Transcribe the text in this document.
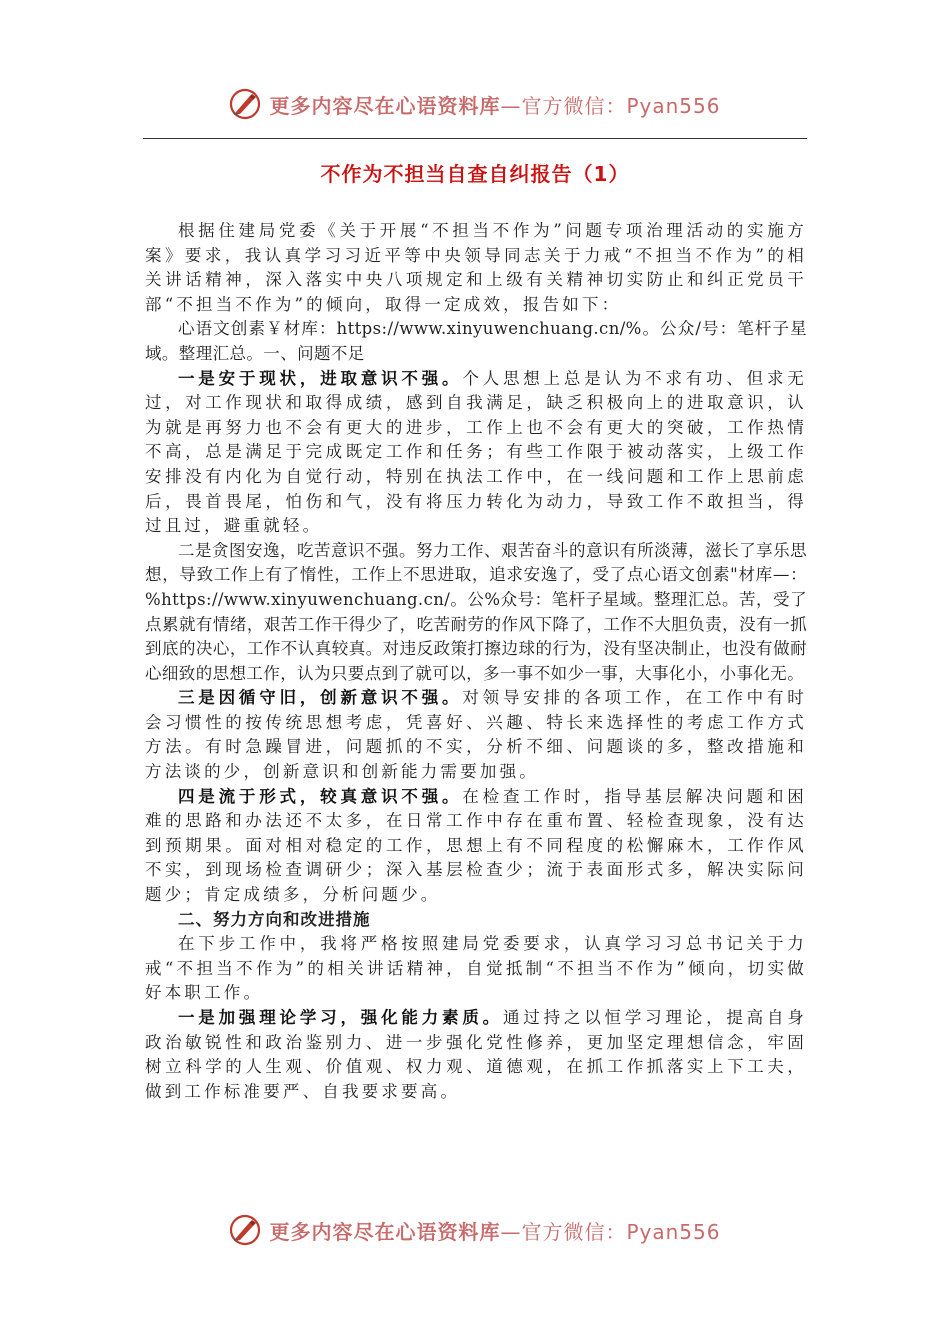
更多内容尽在心语资料库—官方微信：Pyan556
不作为不担当自查自纠报告（1）

根据住建局党委《关于开展“不担当不作为”问题专项治理活动的实施方案》要求，我认真学习习近平等中央领导同志关于力戒“不担当不作为”的相关讲话精神，深入落实中央八项规定和上级有关精神切实防止和纠正党员干部“不担当不作为”的倾向，取得一定成效，报告如下：

心语文创素￥材库：https://www.xinyuwenchuang.cn/%。公众/号：笔杆子星域。整理汇总。一、问题不足

一是安于现状，进取意识不强。个人思想上总是认为不求有功、但求无过，对工作现状和取得成绩，感到自我满足，缺乏积极向上的进取意识，认为就是再努力也不会有更大的进步，工作上也不会有更大的突破，工作热情不高，总是满足于完成既定工作和任务；有些工作限于被动落实，上级工作安排没有内化为自觉行动，特别在执法工作中，在一线问题和工作上思前虑后，畏首畏尾，怕伤和气，没有将压力转化为动力，导致工作不敢担当，得过且过，避重就轻。

二是贪图安逸，吃苦意识不强。努力工作、艰苦奋斗的意识有所淡薄，滋长了享乐思想，导致工作上有了惰性，工作上不思进取，追求安逸了，受了点心语文创素"材库—：%https://www.xinyuwenchuang.cn/。公%众号：笔杆子星域。整理汇总。苦，受了点累就有情绪，艰苦工作干得少了，吃苦耐劳的作风下降了，工作不大胆负责，没有一抓到底的决心，工作不认真较真。对违反政策打擦边球的行为，没有坚决制止，也没有做耐心细致的思想工作，认为只要点到了就可以，多一事不如少一事，大事化小，小事化无。

三是因循守旧，创新意识不强。对领导安排的各项工作，在工作中有时会习惯性的按传统思想考虑，凭喜好、兴趣、特长来选择性的考虑工作方式方法。有时急躁冒进，问题抓的不实，分析不细、问题谈的多，整改措施和方法谈的少，创新意识和创新能力需要加强。

四是流于形式，较真意识不强。在检查工作时，指导基层解决问题和困难的思路和办法还不太多，在日常工作中存在重布置、轻检查现象，没有达到预期果。面对相对稳定的工作，思想上有不同程度的松懈麻木，工作作风不实，到现场检查调研少；深入基层检查少；流于表面形式多，解决实际问题少；肯定成绩多，分析问题少。

二、努力方向和改进措施

在下步工作中，我将严格按照建局党委要求，认真学习习总书记关于力戒“不担当不作为”的相关讲话精神，自觉抵制“不担当不作为”倾向，切实做好本职工作。

一是加强理论学习，强化能力素质。通过持之以恒学习理论，提高自身政治敏锐性和政治鉴别力、进一步强化党性修养，更加坚定理想信念，牢固树立科学的人生观、价值观、权力观、道德观，在抓工作抓落实上下工夫，做到工作标准要严、自我要求要高。

更多内容尽在心语资料库—官方微信：Pyan556
